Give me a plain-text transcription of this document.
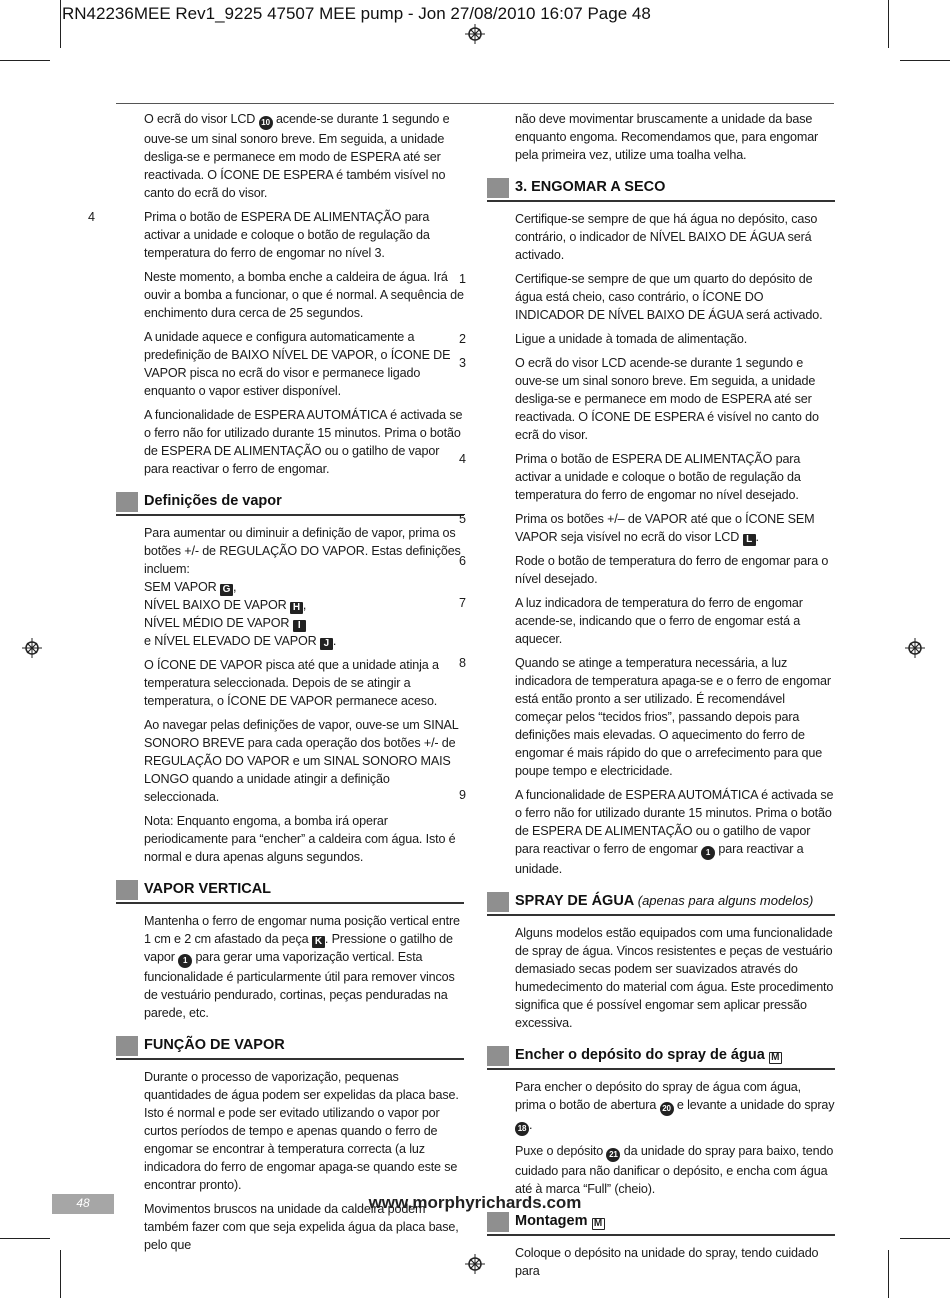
RN42236MEE Rev1_9225 47507 MEE pump - Jon 27/08/2010 16:07 Page 48

O ecrã do visor LCD 10 acende-se durante 1 segundo e ouve-se um sinal sonoro breve. Em seguida, a unidade desliga-se e permanece em modo de ESPERA até ser reactivada. O ÍCONE DE ESPERA é também visível no canto do ecrã do visor.

4	Prima o botão de ESPERA DE ALIMENTAÇÃO para activar a unidade e coloque o botão de regulação da temperatura do ferro de engomar no nível 3.

Neste momento, a bomba enche a caldeira de água. Irá ouvir a bomba a funcionar, o que é normal. A sequência de enchimento dura cerca de 25 segundos.

A unidade aquece e configura automaticamente a predefinição de BAIXO NÍVEL DE VAPOR, o ÍCONE DE VAPOR pisca no ecrã do visor e permanece ligado enquanto o vapor estiver disponível.

A funcionalidade de ESPERA AUTOMÁTICA é activada se o ferro não for utilizado durante 15 minutos. Prima o botão de ESPERA DE ALIMENTAÇÃO ou o gatilho de vapor para reactivar o ferro de engomar.

Definições de vapor

Para aumentar ou diminuir a definição de vapor, prima os botões +/- de REGULAÇÃO DO VAPOR. Estas definições incluem:

SEM VAPOR G ,

NÍVEL BAIXO DE VAPOR H ,

NÍVEL MÉDIO DE VAPOR I

e NÍVEL ELEVADO DE VAPOR J .

O ÍCONE DE VAPOR pisca até que a unidade atinja a temperatura seleccionada. Depois de se atingir a temperatura, o ÍCONE DE VAPOR permanece aceso.

Ao navegar pelas definições de vapor, ouve-se um SINAL SONORO BREVE para cada operação dos botões +/- de REGULAÇÃO DO VAPOR e um SINAL SONORO MAIS LONGO quando a unidade atingir a definição seleccionada.

Nota: Enquanto engoma, a bomba irá operar periodicamente para “encher” a caldeira com água. Isto é normal e dura apenas alguns segundos.

VAPOR VERTICAL

Mantenha o ferro de engomar numa posição vertical entre 1 cm e 2 cm afastado da peça K . Pressione o gatilho de vapor 1 para gerar uma vaporização vertical. Esta funcionalidade é particularmente útil para remover vincos de vestuário pendurado, cortinas, peças penduradas na parede, etc.

FUNÇÃO DE VAPOR

Durante o processo de vaporização, pequenas quantidades de água podem ser expelidas da placa base. Isto é normal e pode ser evitado utilizando o vapor por curtos períodos de tempo e apenas quando o ferro de engomar se encontrar à temperatura correcta (a luz indicadora do ferro de engomar apaga-se quando este se encontrar pronto).

Movimentos bruscos na unidade da caldeira podem também fazer com que seja expelida água da placa base, pelo que

não deve movimentar bruscamente a unidade da base enquanto engoma. Recomendamos que, para engomar pela primeira vez, utilize uma toalha velha.

3. ENGOMAR A SECO

Certifique-se sempre de que há água no depósito, caso contrário, o indicador de NÍVEL BAIXO DE ÁGUA será activado.

1	Certifique-se sempre de que um quarto do depósito de água está cheio, caso contrário, o ÍCONE DO INDICADOR DE NÍVEL BAIXO DE ÁGUA será activado.

2	Ligue a unidade à tomada de alimentação.

3	O ecrã do visor LCD acende-se durante 1 segundo e ouve-se um sinal sonoro breve. Em seguida, a unidade desliga-se e permanece em modo de ESPERA até ser reactivada. O ÍCONE DE ESPERA é visível no canto do ecrã do visor.

4	Prima o botão de ESPERA DE ALIMENTAÇÃO para activar a unidade e coloque o botão de regulação da temperatura do ferro de engomar no nível desejado.

5	Prima os botões +/– de VAPOR até que o ÍCONE SEM VAPOR seja visível no ecrã do visor LCD L .

6	Rode o botão de temperatura do ferro de engomar para o nível desejado.

7	A luz indicadora de temperatura do ferro de engomar acende-se, indicando que o ferro de engomar está a aquecer.

8	Quando se atinge a temperatura necessária, a luz indicadora de temperatura apaga-se e o ferro de engomar está então pronto a ser utilizado. É recomendável começar pelos “tecidos frios”, passando depois para definições mais elevadas. O aquecimento do ferro de engomar é mais rápido do que o arrefecimento para que poupe tempo e electricidade.

9	A funcionalidade de ESPERA AUTOMÁTICA é activada se o ferro não for utilizado durante 15 minutos. Prima o botão de ESPERA DE ALIMENTAÇÃO ou o gatilho de vapor para reactivar o ferro de engomar 1 para reactivar a unidade.

SPRAY DE ÁGUA (apenas para alguns modelos)

Alguns modelos estão equipados com uma funcionalidade de spray de água. Vincos resistentes e peças de vestuário demasiado secas podem ser suavizados através do humedecimento do material com água. Este procedimento significa que é possível engomar sem aplicar pressão excessiva.

Encher o depósito do spray de água M

Para encher o depósito do spray de água com água, prima o botão de abertura 20 e levante a unidade do spray 18 .

Puxe o depósito 21 da unidade do spray para baixo, tendo cuidado para não danificar o depósito, e encha com água até à marca “Full” (cheio).

Montagem M

Coloque o depósito na unidade do spray, tendo cuidado para

48	www.morphyrichards.com
